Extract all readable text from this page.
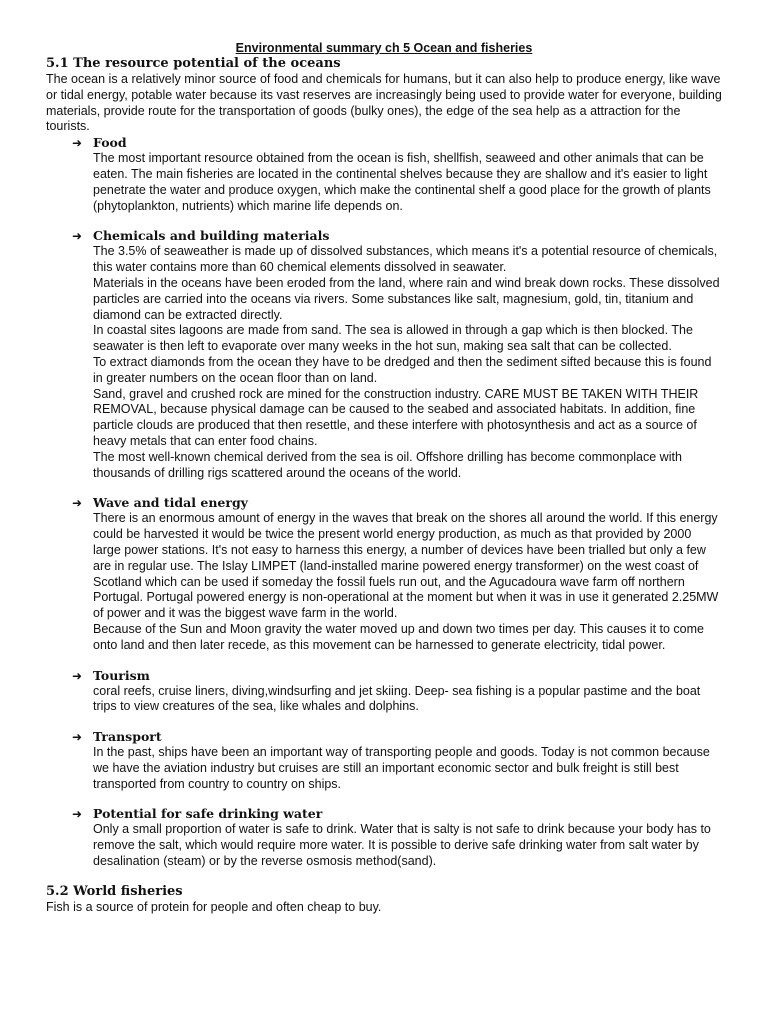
Environmental summary ch 5 Ocean and fisheries
5.1 The resource potential of the oceans

The ocean is a relatively minor source of food and chemicals for humans, but it can also help to produce energy, like wave or tidal energy, potable water because its vast reserves are increasingly being used to provide water for everyone, building materials, provide route for the transportation of goods (bulky ones), the edge of the sea help as a attraction for the tourists.

➜ Food

The most important resource obtained from the ocean is fish, shellfish, seaweed and other animals that can be eaten. The main fisheries are located in the continental shelves because they are shallow and it's easier to light penetrate the water and produce oxygen, which make the continental shelf a good place for the growth of plants (phytoplankton, nutrients) which marine life depends on.

➜ Chemicals and building materials

The 3.5% of seaweather is made up of dissolved substances, which means it's a potential resource of chemicals, this water contains more than 60 chemical elements dissolved in seawater.

Materials in the oceans have been eroded from the land, where rain and wind break down rocks. These dissolved particles are carried into the oceans via rivers. Some substances like salt, magnesium, gold, tin, titanium and diamond can be extracted directly.

In coastal sites lagoons are made from sand. The sea is allowed in through a gap which is then blocked. The seawater is then left to evaporate over many weeks in the hot sun, making sea salt that can be collected.

To extract diamonds from the ocean they have to be dredged and then the sediment sifted because this is found in greater numbers on the ocean floor than on land.

Sand, gravel and crushed rock are mined for the construction industry. CARE MUST BE TAKEN WITH THEIR REMOVAL, because physical damage can be caused to the seabed and associated habitats. In addition, fine particle clouds are produced that then resettle, and these interfere with photosynthesis and act as a source of heavy metals that can enter food chains.

The most well-known chemical derived from the sea is oil. Offshore drilling has become commonplace with thousands of drilling rigs scattered around the oceans of the world.

➜ Wave and tidal energy

There is an enormous amount of energy in the waves that break on the shores all around the world. If this energy could be harvested it would be twice the present world energy production, as much as that provided by 2000 large power stations. It's not easy to harness this energy, a number of devices have been trialled but only a few are in regular use. The Islay LIMPET (land-installed marine powered energy transformer) on the west coast of Scotland which can be used if someday the fossil fuels run out, and the Agucadoura wave farm off northern Portugal. Portugal powered energy is non-operational at the moment but when it was in use it generated 2.25MW of power and it was the biggest wave farm in the world.

Because of the Sun and Moon gravity the water moved up and down two times per day. This causes it to come onto land and then later recede, as this movement can be harnessed to generate electricity, tidal power.

➜ Tourism

coral reefs, cruise liners, diving,windsurfing and jet skiing. Deep- sea fishing is a popular pastime and the boat trips to view creatures of the sea, like whales and dolphins.

➜ Transport

In the past, ships have been an important way of transporting people and goods. Today is not common because we have the aviation industry but cruises are still an important economic sector and bulk freight is still best transported from country to country on ships.

➜ Potential for safe drinking water

Only a small proportion of water is safe to drink. Water that is salty is not safe to drink because your body has to remove the salt, which would require more water. It is possible to derive safe drinking water from salt water by desalination (steam) or by the reverse osmosis method(sand).

5.2 World fisheries

Fish is a source of protein for people and often cheap to buy.
